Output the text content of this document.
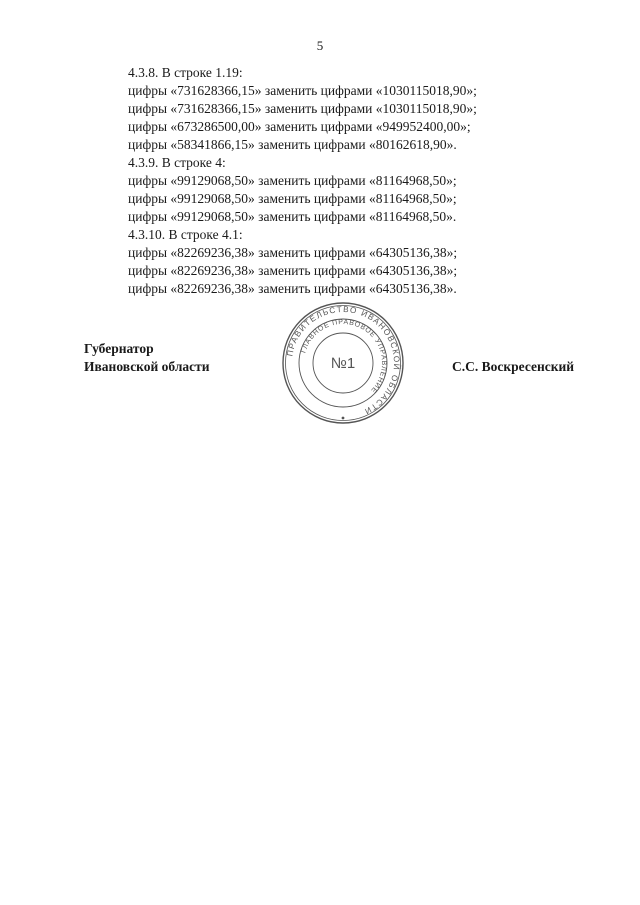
5
4.3.8. В строке 1.19:
цифры «731628366,15» заменить цифрами «1030115018,90»;
цифры «731628366,15» заменить цифрами «1030115018,90»;
цифры «673286500,00» заменить цифрами «949952400,00»;
цифры «58341866,15» заменить цифрами «80162618,90».
4.3.9. В строке 4:
цифры «99129068,50» заменить цифрами «81164968,50»;
цифры «99129068,50» заменить цифрами «81164968,50»;
цифры «99129068,50» заменить цифрами «81164968,50».
4.3.10. В строке 4.1:
цифры «82269236,38» заменить цифрами «64305136,38»;
цифры «82269236,38» заменить цифрами «64305136,38»;
цифры «82269236,38» заменить цифрами «64305136,38».
Губернатор
Ивановской области
ПРАВИТЕЛЬСТВО ИВАНОВСКОЙ ОБЛАСТИ
ГЛАВНОЕ ПРАВОВОЕ УПРАВЛЕНИЕ
№1	С.С. Воскресенский
